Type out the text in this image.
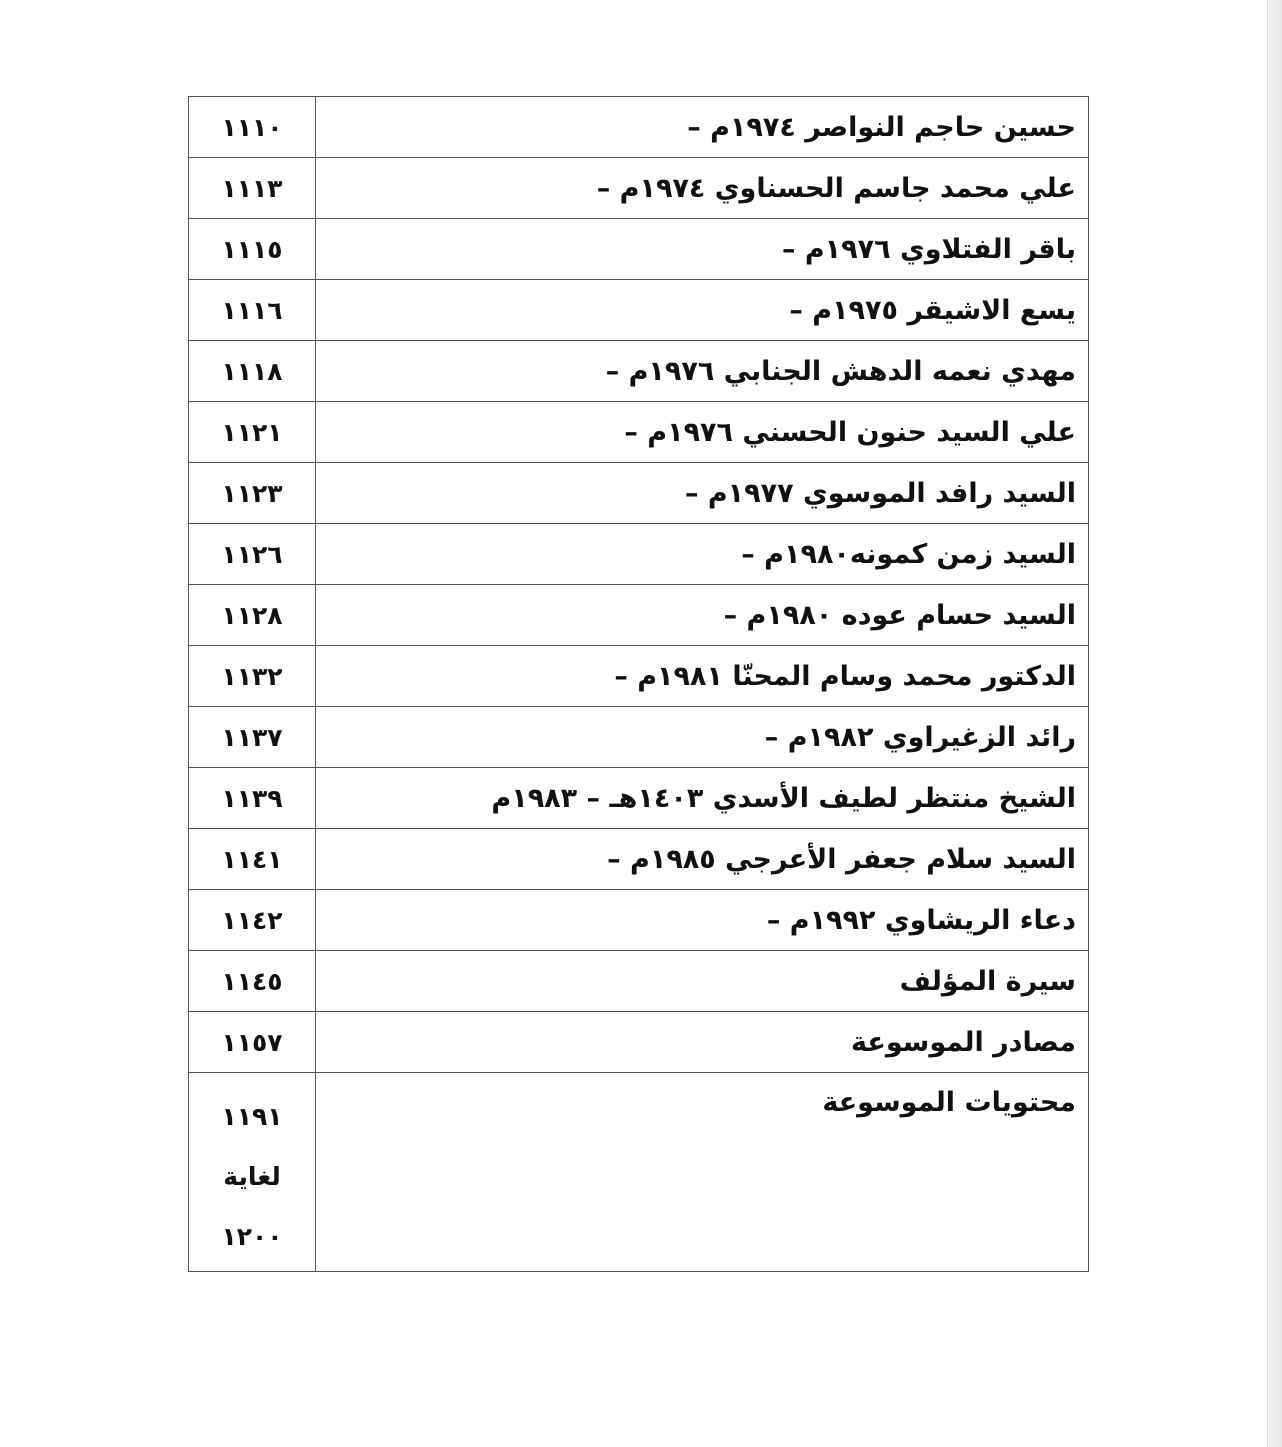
حسين حاجم النواصر ١٩٧٤م –	١١١٠
علي محمد جاسم الحسناوي ١٩٧٤م –	١١١٣
باقر الفتلاوي ١٩٧٦م –	١١١٥
يسع الاشيقر ١٩٧٥م –	١١١٦
مهدي نعمه الدهش الجنابي ١٩٧٦م –	١١١٨
علي السيد حنون الحسني ١٩٧٦م –	١١٢١
السيد رافد الموسوي ١٩٧٧م –	١١٢٣
السيد زمن كمونه١٩٨٠م –	١١٢٦
السيد حسام عوده ١٩٨٠م –	١١٢٨
الدكتور محمد وسام المحنّا ١٩٨١م –	١١٣٢
رائد الزغيراوي ١٩٨٢م –	١١٣٧
الشيخ منتظر لطيف الأسدي ١٤٠٣هـ – ١٩٨٣م	١١٣٩
السيد سلام جعفر الأعرجي ١٩٨٥م –	١١٤١
دعاء الريشاوي ١٩٩٢م –	١١٤٢
سيرة المؤلف	١١٤٥
مصادر الموسوعة	١١٥٧
محتويات الموسوعة	١١٩١
لغاية
١٢٠٠
